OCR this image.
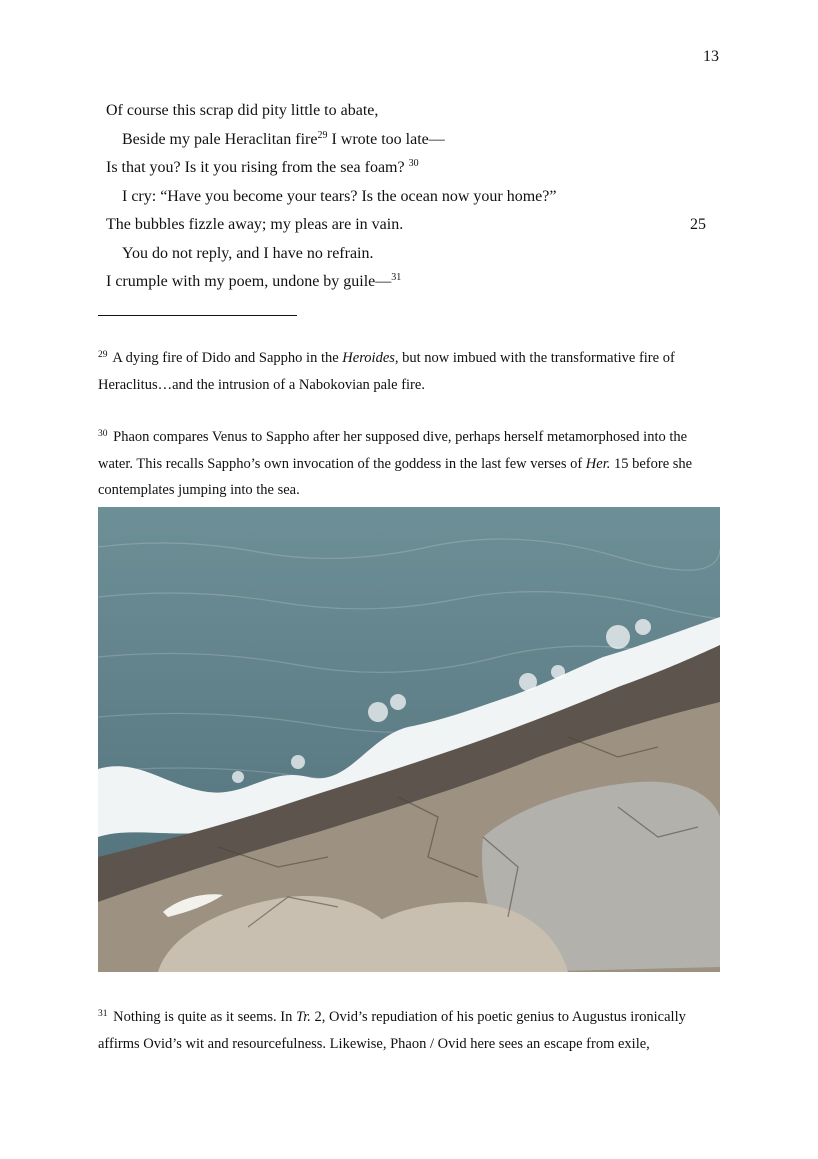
13
Of course this scrap did pity little to abate,
Beside my pale Heraclitan fire$^{29}$ I wrote too late—
Is that you? Is it you rising from the sea foam? $^{30}$
I cry: “Have you become your tears? Is the ocean now your home?”
The bubbles fizzle away; my pleas are in vain.	25
You do not reply, and I have no refrain.
I crumple with my poem, undone by guile—$^{31}$
$^{29}$ A dying fire of Dido and Sappho in the Heroides, but now imbued with the transformative fire of Heraclitus…and the intrusion of a Nabokovian pale fire.
$^{30}$ Phaon compares Venus to Sappho after her supposed dive, perhaps herself metamorphosed into the water. This recalls Sappho’s own invocation of the goddess in the last few verses of Her. 15 before she contemplates jumping into the sea.
$^{31}$ Nothing is quite as it seems. In Tr. 2, Ovid’s repudiation of his poetic genius to Augustus ironically affirms Ovid’s wit and resourcefulness. Likewise, Phaon / Ovid here sees an escape from exile,
